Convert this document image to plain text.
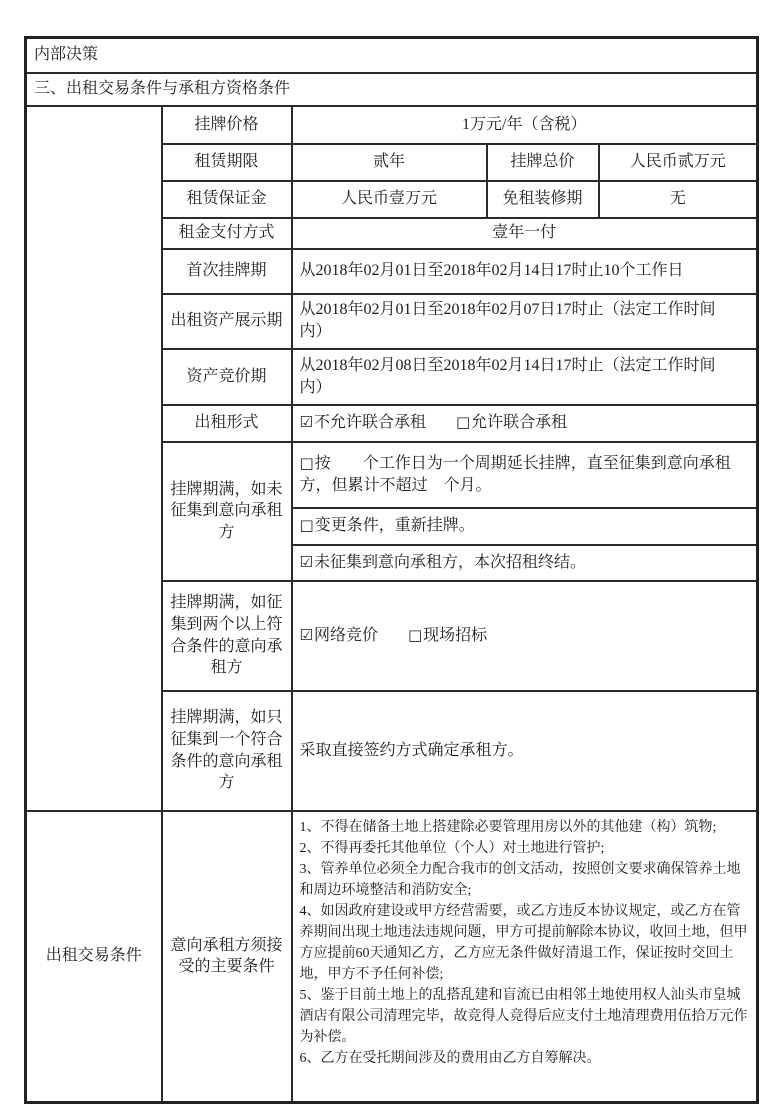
内部决策				
三、出租交易条件与承租方资格条件				
	挂牌价格	1万元/年（含税）		
	租赁期限	贰年	挂牌总价	人民币贰万元
	租赁保证金	人民币壹万元	免租装修期	无
	租金支付方式	壹年一付		
	首次挂牌期	从2018年02月01日至2018年02月14日17时止10个工作日		
	出租资产展示期	从2018年02月01日至2018年02月07日17时止（法定工作时间内）		

	资产竞价期	从2018年02月08日至2018年02月14日17时止（法定工作时间内）		

	出租形式	☑不允许联合承租 □允许联合承租		
	挂牌期满，如未征集到意向承租方	□按　　个工作日为一个周期延长挂牌，直至征集到意向承租方，但累计不超过　个月。		
		□变更条件，重新挂牌。		
		☑未征集到意向承租方，本次招租终结。		
	挂牌期满，如征集到两个以上符合条件的意向承租方	☑网络竞价 □现场招标		
	挂牌期满，如只征集到一个符合条件的意向承租方	采取直接签约方式确定承租方。		
出租交易条件	意向承租方须接受的主要条件	
1、不得在储备土地上搭建除必要管理用房以外的其他建（构）筑物;
2、不得再委托其他单位（个人）对土地进行管护;
3、管养单位必须全力配合我市的创文活动，按照创文要求确保管养土地和周边环境整洁和消防安全;
4、如因政府建设或甲方经营需要，或乙方违反本协议规定，或乙方在管养期间出现土地违法违规问题，甲方可提前解除本协议，收回土地，但甲方应提前60天通知乙方，乙方应无条件做好清退工作，保证按时交回土地，甲方不予任何补偿;
5、鉴于目前土地上的乱搭乱建和盲流已由相邻土地使用权人汕头市皇城酒店有限公司清理完毕，故竞得人竞得后应支付土地清理费用伍拾万元作为补偿。
6、乙方在受托期间涉及的费用由乙方自筹解决。
